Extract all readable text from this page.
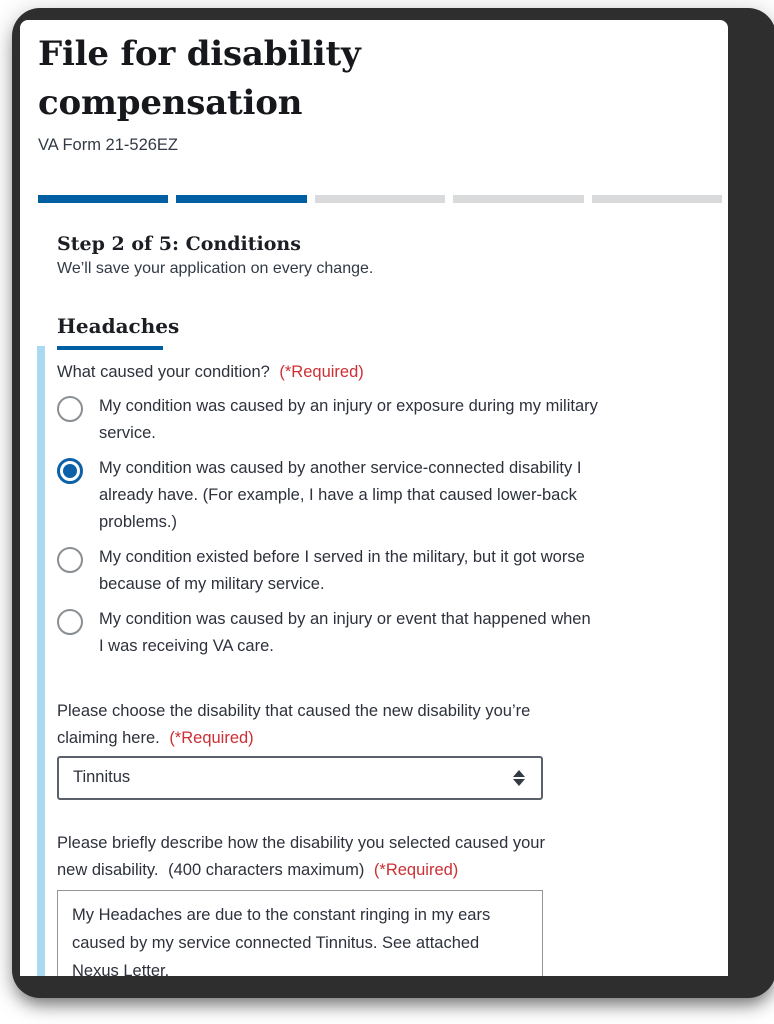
File for disability compensation
VA Form 21-526EZ
Step 2 of 5: Conditions

We’ll save your application on every change.

Headaches
What caused your condition? (*Required)
My condition was caused by an injury or exposure during my military service.
My condition was caused by another service-connected disability I already have. (For example, I have a limp that caused lower-back problems.)
My condition existed before I served in the military, but it got worse because of my military service.
My condition was caused by an injury or event that happened when I was receiving VA care.
Please choose the disability that caused the new disability you’re claiming here. (*Required)
Tinnitus
Please briefly describe how the disability you selected caused your new disability. (400 characters maximum) (*Required)
My Headaches are due to the constant ringing in my ears caused by my service connected Tinnitus. See attached Nexus Letter.
